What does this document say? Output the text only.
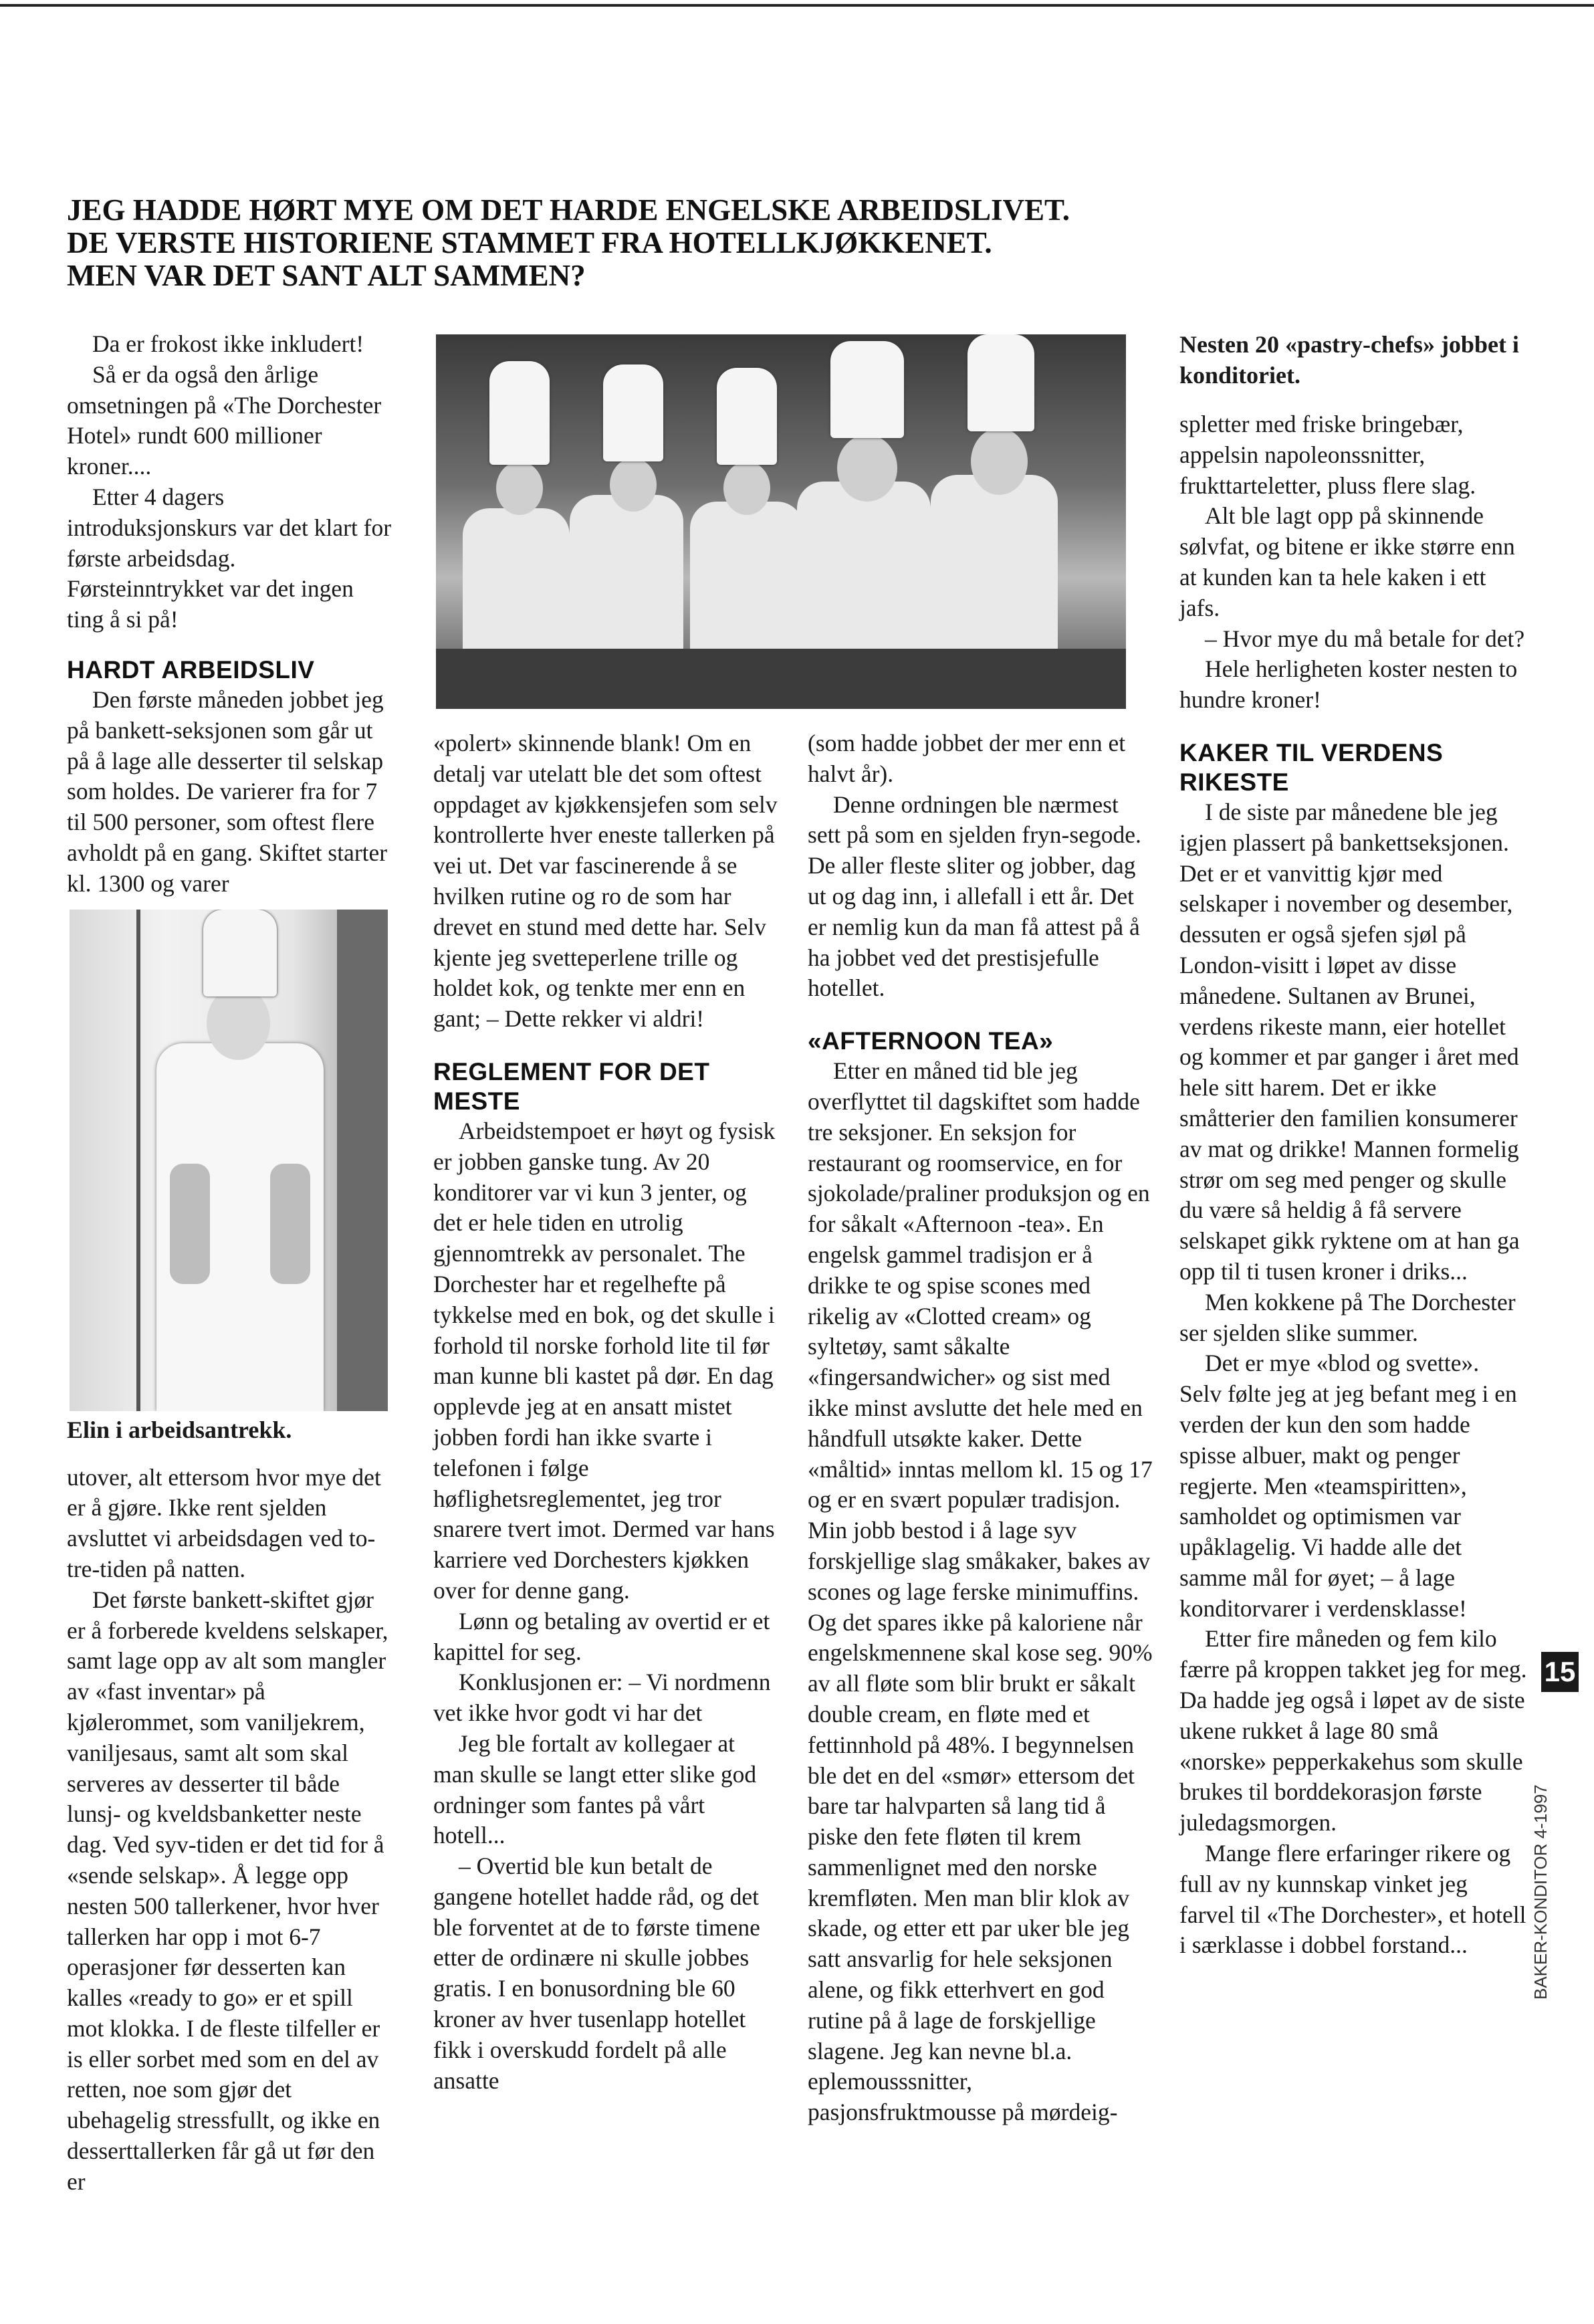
JEG HADDE HØRT MYE OM DET HARDE ENGELSKE ARBEIDSLIVET.
DE VERSTE HISTORIENE STAMMET FRA HOTELLKJØKKENET.
MEN VAR DET SANT ALT SAMMEN?

Da er frokost ikke inkludert!

Så er da også den årlige omsetningen på «The Dorchester Hotel» rundt 600 millioner kroner....

Etter 4 dagers introduksjonskurs var det klart for første arbeidsdag. Førsteinntrykket var det ingen ting å si på!

HARDT ARBEIDSLIV

Den første måneden jobbet jeg på bankett-seksjonen som går ut på å lage alle desserter til selskap som holdes. De varierer fra for 7 til 500 personer, som oftest flere avholdt på en gang. Skiftet starter kl. 1300 og varer

Elin i arbeidsantrekk.

utover, alt ettersom hvor mye det er å gjøre. Ikke rent sjelden avsluttet vi arbeidsdagen ved to-tre-tiden på natten.

Det første bankett-skiftet gjør er å forberede kveldens selskaper, samt lage opp av alt som mangler av «fast inventar» på kjølerommet, som vaniljekrem, vaniljesaus, samt alt som skal serveres av desserter til både lunsj- og kveldsbanketter neste dag. Ved syv-tiden er det tid for å «sende selskap». Å legge opp nesten 500 tallerkener, hvor hver tallerken har opp i mot 6-7 operasjoner før desserten kan kalles «ready to go» er et spill mot klokka. I de fleste tilfeller er is eller sorbet med som en del av retten, noe som gjør det ubehagelig stressfullt, og ikke en desserttallerken får gå ut før den er

«polert» skinnende blank! Om en detalj var utelatt ble det som oftest oppdaget av kjøkkensjefen som selv kontrollerte hver eneste tallerken på vei ut. Det var fascinerende å se hvilken rutine og ro de som har drevet en stund med dette har. Selv kjente jeg svetteperlene trille og holdet kok, og tenkte mer enn en gant; – Dette rekker vi aldri!

REGLEMENT FOR DET MESTE

Arbeidstempoet er høyt og fysisk er jobben ganske tung. Av 20 konditorer var vi kun 3 jenter, og det er hele tiden en utrolig gjennomtrekk av personalet. The Dorchester har et regelhefte på tykkelse med en bok, og det skulle i forhold til norske forhold lite til før man kunne bli kastet på dør. En dag opplevde jeg at en ansatt mistet jobben fordi han ikke svarte i telefonen i følge høflighetsreglementet, jeg tror snarere tvert imot. Dermed var hans karriere ved Dorchesters kjøkken over for denne gang.

Lønn og betaling av overtid er et kapittel for seg.

Konklusjonen er: – Vi nordmenn vet ikke hvor godt vi har det

Jeg ble fortalt av kollegaer at man skulle se langt etter slike god ordninger som fantes på vårt hotell...

– Overtid ble kun betalt de gangene hotellet hadde råd, og det ble forventet at de to første timene etter de ordinære ni skulle jobbes gratis. I en bonusordning ble 60 kroner av hver tusenlapp hotellet fikk i overskudd fordelt på alle ansatte

(som hadde jobbet der mer enn et halvt år).

Denne ordningen ble nærmest sett på som en sjelden fryn-segode. De aller fleste sliter og jobber, dag ut og dag inn, i allefall i ett år. Det er nemlig kun da man få attest på å ha jobbet ved det prestisjefulle hotellet.

«AFTERNOON TEA»

Etter en måned tid ble jeg overflyttet til dagskiftet som hadde tre seksjoner. En seksjon for restaurant og roomservice, en for sjokolade/praliner produksjon og en for såkalt «Afternoon -tea». En engelsk gammel tradisjon er å drikke te og spise scones med rikelig av «Clotted cream» og syltetøy, samt såkalte «fingersandwicher» og sist med ikke minst avslutte det hele med en håndfull utsøkte kaker. Dette «måltid» inntas mellom kl. 15 og 17 og er en svært populær tradisjon. Min jobb bestod i å lage syv forskjellige slag småkaker, bakes av scones og lage ferske minimuffins. Og det spares ikke på kaloriene når engelskmennene skal kose seg. 90% av all fløte som blir brukt er såkalt double cream, en fløte med et fettinnhold på 48%. I begynnelsen ble det en del «smør» ettersom det bare tar halvparten så lang tid å piske den fete fløten til krem sammenlignet med den norske kremfløten. Men man blir klok av skade, og etter ett par uker ble jeg satt ansvarlig for hele seksjonen alene, og fikk etterhvert en god rutine på å lage de forskjellige slagene. Jeg kan nevne bl.a. eplemousssnitter, pasjonsfruktmousse på mørdeig-

Nesten 20 «pastry-chefs» jobbet i konditoriet.

spletter med friske bringebær, appelsin napoleonssnitter, frukttarteletter, pluss flere slag.

Alt ble lagt opp på skinnende sølvfat, og bitene er ikke større enn at kunden kan ta hele kaken i ett jafs.

– Hvor mye du må betale for det?

Hele herligheten koster nesten to hundre kroner!

KAKER TIL VERDENS RIKESTE

I de siste par månedene ble jeg igjen plassert på bankettseksjonen. Det er et vanvittig kjør med selskaper i november og desember, dessuten er også sjefen sjøl på London-visitt i løpet av disse månedene. Sultanen av Brunei, verdens rikeste mann, eier hotellet og kommer et par ganger i året med hele sitt harem. Det er ikke småtterier den familien konsumerer av mat og drikke! Mannen formelig strør om seg med penger og skulle du være så heldig å få servere selskapet gikk ryktene om at han ga opp til ti tusen kroner i driks...

Men kokkene på The Dorchester ser sjelden slike summer.

Det er mye «blod og svette». Selv følte jeg at jeg befant meg i en verden der kun den som hadde spisse albuer, makt og penger regjerte. Men «teamspiritten», samholdet og optimismen var upåklagelig. Vi hadde alle det samme mål for øyet; – å lage konditorvarer i verdensklasse!

Etter fire måneden og fem kilo færre på kroppen takket jeg for meg. Da hadde jeg også i løpet av de siste ukene rukket å lage 80 små «norske» pepperkakehus som skulle brukes til borddekorasjon første juledagsmorgen.

Mange flere erfaringer rikere og full av ny kunnskap vinket jeg farvel til «The Dorchester», et hotell i særklasse i dobbel forstand...

15
BAKER-KONDITOR 4-1997
